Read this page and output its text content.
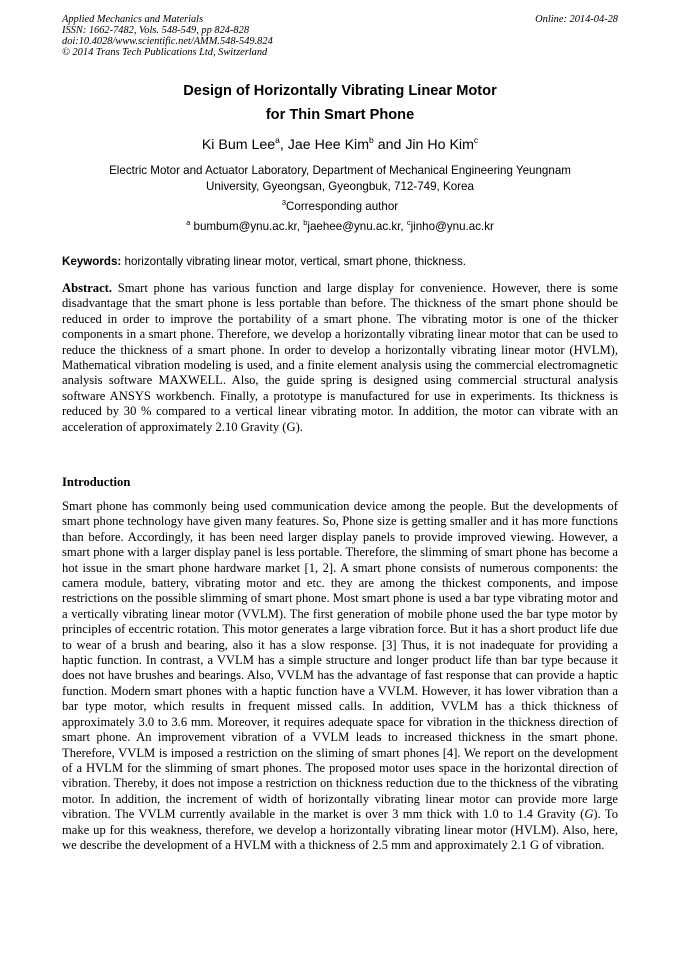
Applied Mechanics and Materials
ISSN: 1662-7482, Vols. 548-549, pp 824-828
doi:10.4028/www.scientific.net/AMM.548-549.824
© 2014 Trans Tech Publications Ltd, Switzerland
Online: 2014-04-28
Design of Horizontally Vibrating Linear Motor
for Thin Smart Phone
Ki Bum Lee$^a$, Jae Hee Kim$^b$ and Jin Ho Kim$^c$
Electric Motor and Actuator Laboratory, Department of Mechanical Engineering Yeungnam
University, Gyeongsan, Gyeongbuk, 712-749, Korea
$^3$Corresponding author
$^a$ bumbum@ynu.ac.kr, $^b$jaehee@ynu.ac.kr, $^c$jinho@ynu.ac.kr
Keywords: horizontally vibrating linear motor, vertical, smart phone, thickness.
Abstract. Smart phone has various function and large display for convenience. However, there is some disadvantage that the smart phone is less portable than before. The thickness of the smart phone should be reduced in order to improve the portability of a smart phone. The vibrating motor is one of the thicker components in a smart phone. Therefore, we develop a horizontally vibrating linear motor that can be used to reduce the thickness of a smart phone. In order to develop a horizontally vibrating linear motor (HVLM), Mathematical vibration modeling is used, and a finite element analysis using the commercial electromagnetic analysis software MAXWELL. Also, the guide spring is designed using commercial structural analysis software ANSYS workbench. Finally, a prototype is manufactured for use in experiments. Its thickness is reduced by 30 % compared to a vertical linear vibrating motor. In addition, the motor can vibrate with an acceleration of approximately 2.10 Gravity (G).
Introduction
Smart phone has commonly being used communication device among the people. But the developments of smart phone technology have given many features. So, Phone size is getting smaller and it has more functions than before. Accordingly, it has been need larger display panels to provide improved viewing. However, a smart phone with a larger display panel is less portable. Therefore, the slimming of smart phone has become a hot issue in the smart phone hardware market [1, 2]. A smart phone consists of numerous components: the camera module, battery, vibrating motor and etc. they are among the thickest components, and impose restrictions on the possible slimming of smart phone. Most smart phone is used a bar type vibrating motor and a vertically vibrating linear motor (VVLM). The first generation of mobile phone used the bar type motor by principles of eccentric rotation. This motor generates a large vibration force. But it has a short product life due to wear of a brush and bearing, also it has a slow response. [3] Thus, it is not inadequate for providing a haptic function. In contrast, a VVLM has a simple structure and longer product life than bar type because it does not have brushes and bearings. Also, VVLM has the advantage of fast response that can provide a haptic function. Modern smart phones with a haptic function have a VVLM. However, it has lower vibration than a bar type motor, which results in frequent missed calls. In addition, VVLM has a thick thickness of approximately 3.0 to 3.6 mm. Moreover, it requires adequate space for vibration in the thickness direction of smart phone. An improvement vibration of a VVLM leads to increased thickness in the smart phone. Therefore, VVLM is imposed a restriction on the sliming of smart phones [4]. We report on the development of a HVLM for the slimming of smart phones. The proposed motor uses space in the horizontal direction of vibration. Thereby, it does not impose a restriction on thickness reduction due to the thickness of the vibrating motor. In addition, the increment of width of horizontally vibrating linear motor can provide more large vibration. The VVLM currently available in the market is over 3 mm thick with 1.0 to 1.4 Gravity (G). To make up for this weakness, therefore, we develop a horizontally vibrating linear motor (HVLM). Also, here, we describe the development of a HVLM with a thickness of 2.5 mm and approximately 2.1 G of vibration.
